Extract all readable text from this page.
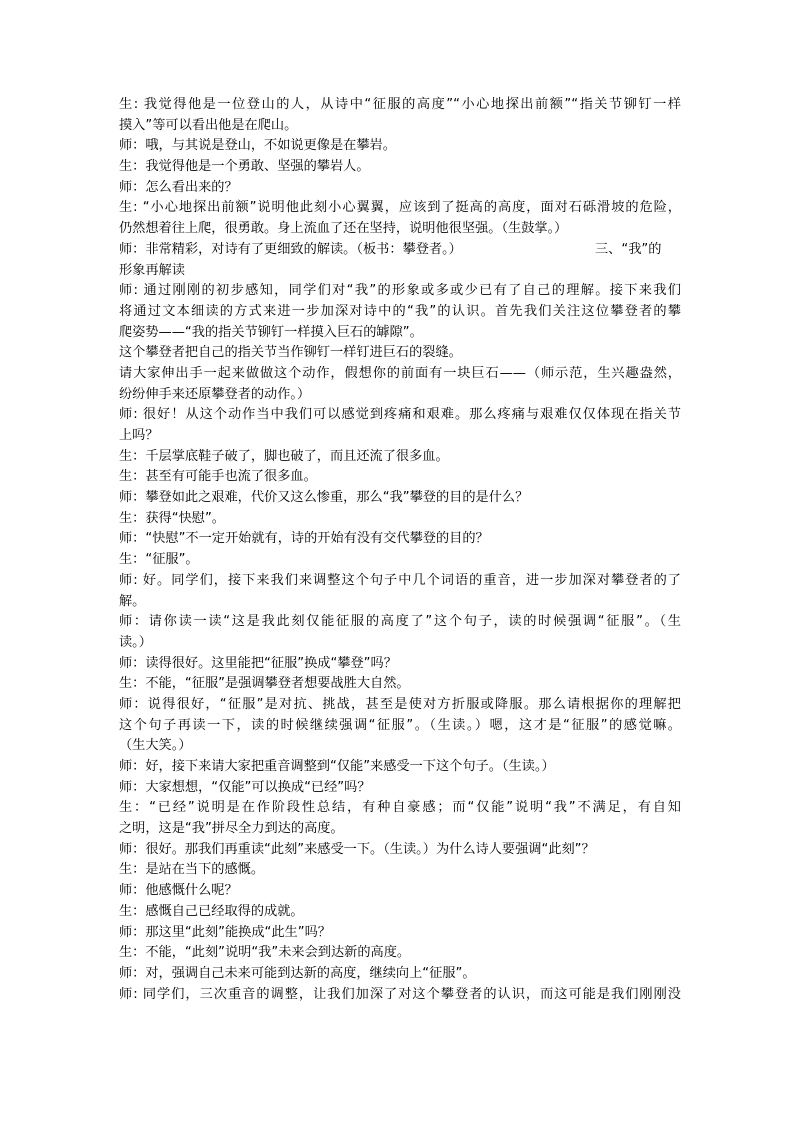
生: 我觉得他是一位登山的人，从诗中“征服的高度”“小心地探出前额”“指关节铆钉一样
摸入”等可以看出他是在爬山。
师：哦，与其说是登山，不如说更像是在攀岩。
生：我觉得他是一个勇敢、坚强的攀岩人。
师：怎么看出来的？
生: “小心地探出前额”说明他此刻小心翼翼，应该到了挺高的高度，面对石砾滑坡的危险，
仍然想着往上爬，很勇敢。身上流血了还在坚持，说明他很坚强。（生鼓掌。）
师：非常精彩，对诗有了更细致的解读。（板书：攀登者。）	三、“我”的
形象再解读
师: 通过刚刚的初步感知，同学们对“我”的形象或多或少已有了自己的理解。接下来我们
将通过文本细读的方式来进一步加深对诗中的“我”的认识。首先我们关注这位攀登者的攀
爬姿势——“我的指关节铆钉一样摸入巨石的罅隙”。
这个攀登者把自己的指关节当作铆钉一样钉进巨石的裂缝。
请大家伸出手一起来做做这个动作，假想你的前面有一块巨石——（师示范，生兴趣盎然，
纷纷伸手来还原攀登者的动作。）
师: 很好！从这个动作当中我们可以感觉到疼痛和艰难。那么疼痛与艰难仅仅体现在指关节
上吗？
生：千层掌底鞋子破了，脚也破了，而且还流了很多血。
生：甚至有可能手也流了很多血。
师：攀登如此之艰难，代价又这么惨重，那么“我”攀登的目的是什么？
生：获得“快慰”。
师：“快慰”不一定开始就有，诗的开始有没有交代攀登的目的？
生：“征服”。
师: 好。同学们，接下来我们来调整这个句子中几个词语的重音，进一步加深对攀登者的了
解。
师：请你读一读“这是我此刻仅能征服的高度了”这个句子，读的时候强调“征服”。（生
读。）
师：读得很好。这里能把“征服”换成“攀登”吗？
生：不能，“征服”是强调攀登者想要战胜大自然。
师：说得很好，“征服”是对抗、挑战，甚至是使对方折服或降服。那么请根据你的理解把
这个句子再读一下，读的时候继续强调“征服”。（生读。）嗯，这才是“征服”的感觉嘛。
（生大笑。）
师：好，接下来请大家把重音调整到“仅能”来感受一下这个句子。（生读。）
师：大家想想，“仅能”可以换成“已经”吗？
生：“已经”说明是在作阶段性总结，有种自豪感；而“仅能”说明“我”不满足，有自知
之明，这是“我”拼尽全力到达的高度。
师：很好。那我们再重读“此刻”来感受一下。（生读。）为什么诗人要强调“此刻”？
生：是站在当下的感慨。
师：他感慨什么呢？
生：感慨自己已经取得的成就。
师：那这里“此刻”能换成“此生”吗？
生：不能，“此刻”说明“我”未来会到达新的高度。
师：对，强调自己未来可能到达新的高度，继续向上“征服”。
师: 同学们，三次重音的调整，让我们加深了对这个攀登者的认识，而这可能是我们刚刚没
